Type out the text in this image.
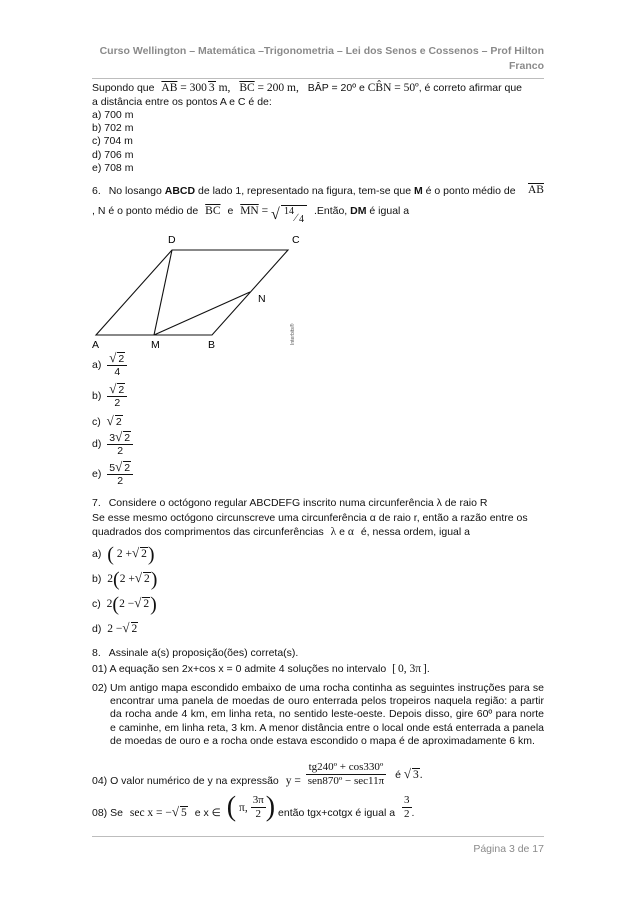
Curso Wellington – Matemática –Trigonometria – Lei dos Senos e Cossenos – Prof Hilton
Franco
Supondo que $\overline{AB} = 300$ 3 m, $\overline{BC} = 200$ m, BÂP = 20º e CB̂N = 50º, é correto afirmar que
a distância entre os pontos A e C é de:
a) 700 m
b) 702 m
c) 704 m
d) 706 m
e) 708 m
6. No losango ABCD de lado 1, representado na figura, tem-se que M é o ponto médio de $\overline{AB}$
, N é o ponto médio de $\overline{BC}$ e $\overline{MN}$ = √ 14
∕ 4
.Então, DM é igual a
A	M	B
D	C
N
Interbits®
$a) \frac{√ 2}{4}$
$b) \frac{√ 2}{2}$
c) √ 2
$d) \frac{3√ 2}{2}$
$e) \frac{5√ 2}{2}$
7. Considere o octógono regular ABCDEFG inscrito numa circunferência λ de raio R
Se esse mesmo octógono circunscreve uma circunferência α de raio r, então a razão entre os
quadrados dos comprimentos das circunferências λ e α é, nessa ordem, igual a
a) ( 2 +√ 2)
b) 2(2 +√ 2)
c) 2(2 −√ 2)
d) 2 −√ 2
8. Assinale a(s) proposição(ões) correta(s).
01) A equação sen 2x+cos x = 0 admite 4 soluções no intervalo [ 0, 3π ].
02) Um antigo mapa escondido embaixo de uma rocha continha as seguintes instruções para se encontrar uma panela de moedas de ouro enterrada pelos tropeiros naquela região: a partir da rocha ande 4 km, em linha reta, no sentido leste-oeste. Depois disso, gire 60º para norte e caminhe, em linha reta, 3 km. A menor distância entre o local onde está enterrada a panela de moedas de ouro e a rocha onde estava escondido o mapa é de aproximadamente 6 km.
04) O valor numérico de y na expressão $y = \frac{\text{tg240º + cos330º}}{\text{sen870º − sec11π}}$ é √ 3.
08) Se sec x = −√ 5 e x ∈ ( π, $\frac{3\pi}{2}$ ) então tgx+cotgx é igual a $\frac{3}{2}$ .
Página 3 de 17
